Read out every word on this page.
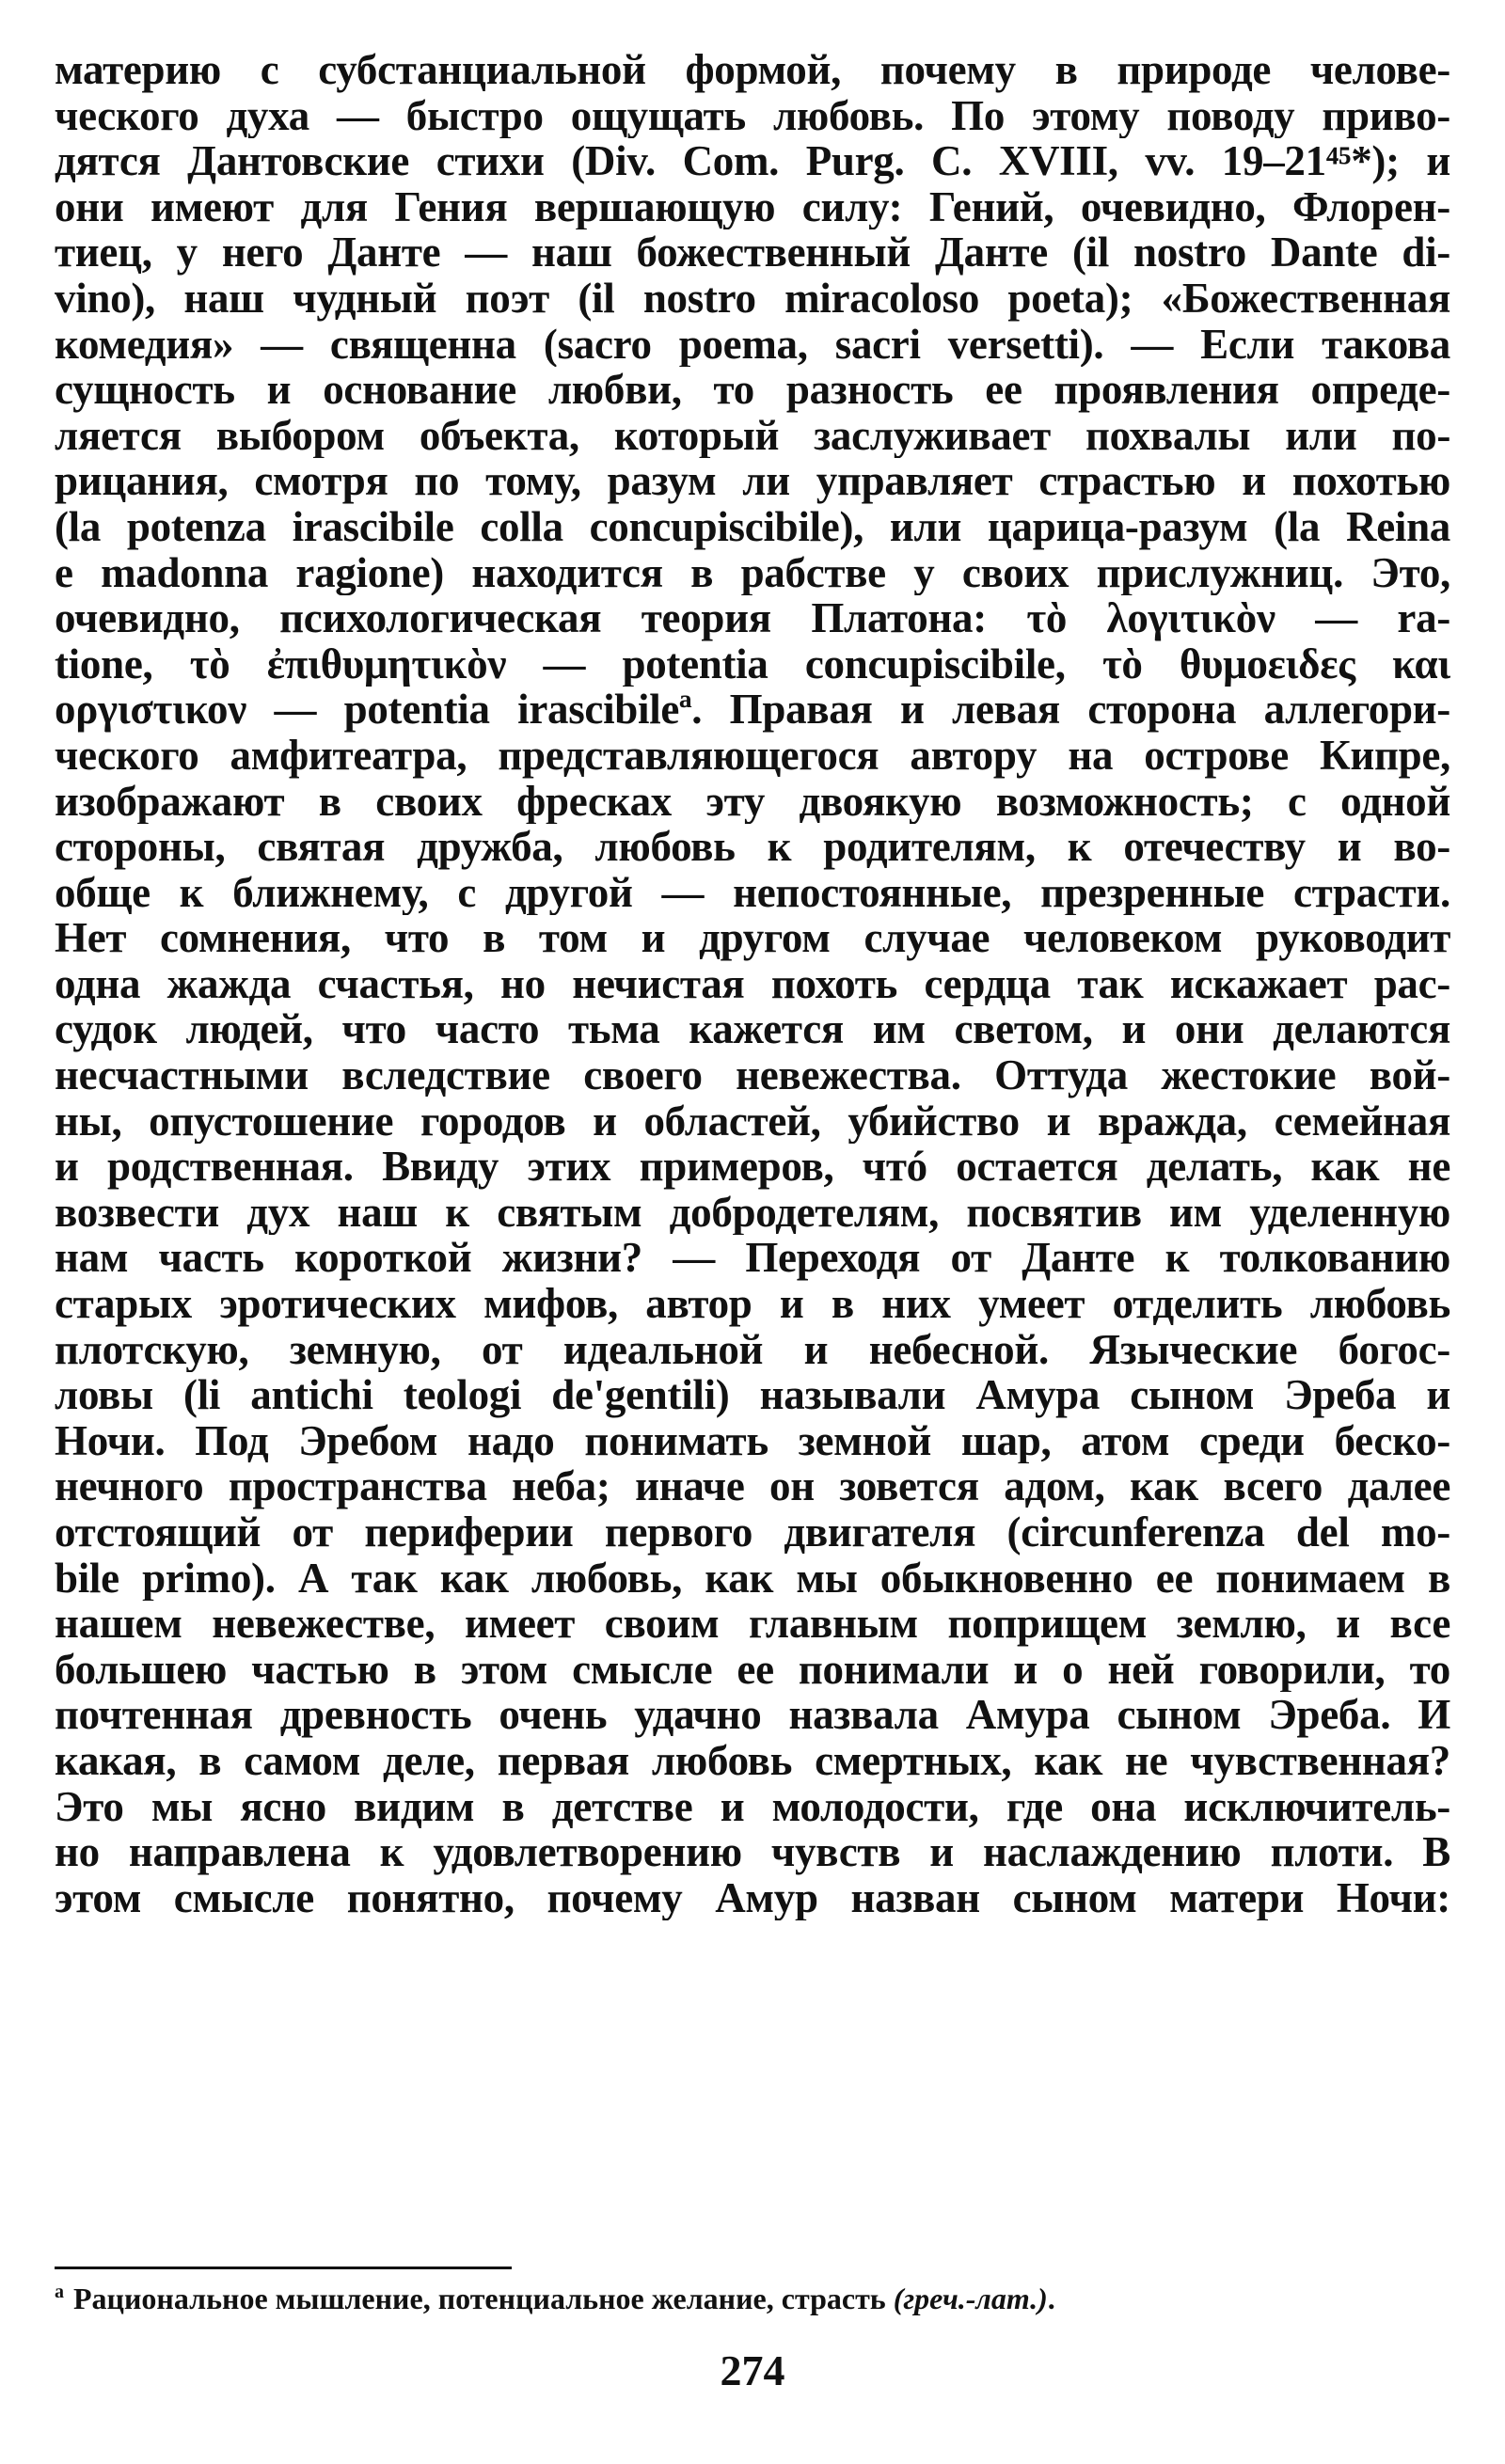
материю с субстанциальной формой, почему в природе челове-
ческого духа — быстро ощущать любовь. По этому поводу приво-
дятся Дантовские стихи (Div. Com. Purg. C. XVIII, vv. 19–21⁴⁵*); и
они имеют для Гения вершающую силу: Гений, очевидно, Флорен-
тиец, у него Данте — наш божественный Данте (il nostro Dante di-
vino), наш чудный поэт (il nostro miracoloso poeta); «Божественная
комедия» — священна (sacro poema, sacri versetti). — Если такова
сущность и основание любви, то разность ее проявления опреде-
ляется выбором объекта, который заслуживает похвалы или по-
рицания, смотря по тому, разум ли управляет страстью и похотью
(la potenza irascibile colla concupiscibile), или царица-разум (la Reina
e madonna ragione) находится в рабстве у своих прислужниц. Это,
очевидно, психологическая теория Платона: τὸ λογιτικὸν — ra-
tione, τὸ ἐπιθυμητικὸν — potentia concupiscibile, τὸ θυμοειδες και
οργιστικον — potentia irascibileª. Правая и левая сторона аллегори-
ческого амфитеатра, представляющегося автору на острове Кипре,
изображают в своих фресках эту двоякую возможность; с одной
стороны, святая дружба, любовь к родителям, к отечеству и во-
обще к ближнему, с другой — непостоянные, презренные страсти.
Нет сомнения, что в том и другом случае человеком руководит
одна жажда счастья, но нечистая похоть сердца так искажает рас-
судок людей, что часто тьма кажется им светом, и они делаются
несчастными вследствие своего невежества. Оттуда жестокие вой-
ны, опустошение городов и областей, убийство и вражда, семейная
и родственная. Ввиду этих примеров, чтó остается делать, как не
возвести дух наш к святым добродетелям, посвятив им уделенную
нам часть короткой жизни? — Переходя от Данте к толкованию
старых эротических мифов, автор и в них умеет отделить любовь
плотскую, земную, от идеальной и небесной. Языческие богос-
ловы (li antichi teologi de'gentili) называли Амура сыном Эреба и
Ночи. Под Эребом надо понимать земной шар, атом среди беско-
нечного пространства неба; иначе он зовется адом, как всего далее
отстоящий от периферии первого двигателя (circunferenza del mo-
bile primo). А так как любовь, как мы обыкновенно ее понимаем в
нашем невежестве, имеет своим главным поприщем землю, и все
большею частью в этом смысле ее понимали и о ней говорили, то
почтенная древность очень удачно назвала Амура сыном Эреба. И
какая, в самом деле, первая любовь смертных, как не чувственная?
Это мы ясно видим в детстве и молодости, где она исключитель-
но направлена к удовлетворению чувств и наслаждению плоти. В
этом смысле понятно, почему Амур назван сыном матери Ночи:
$^а$ Рациональное мышление, потенциальное желание, страсть (греч.-лат.).
274
